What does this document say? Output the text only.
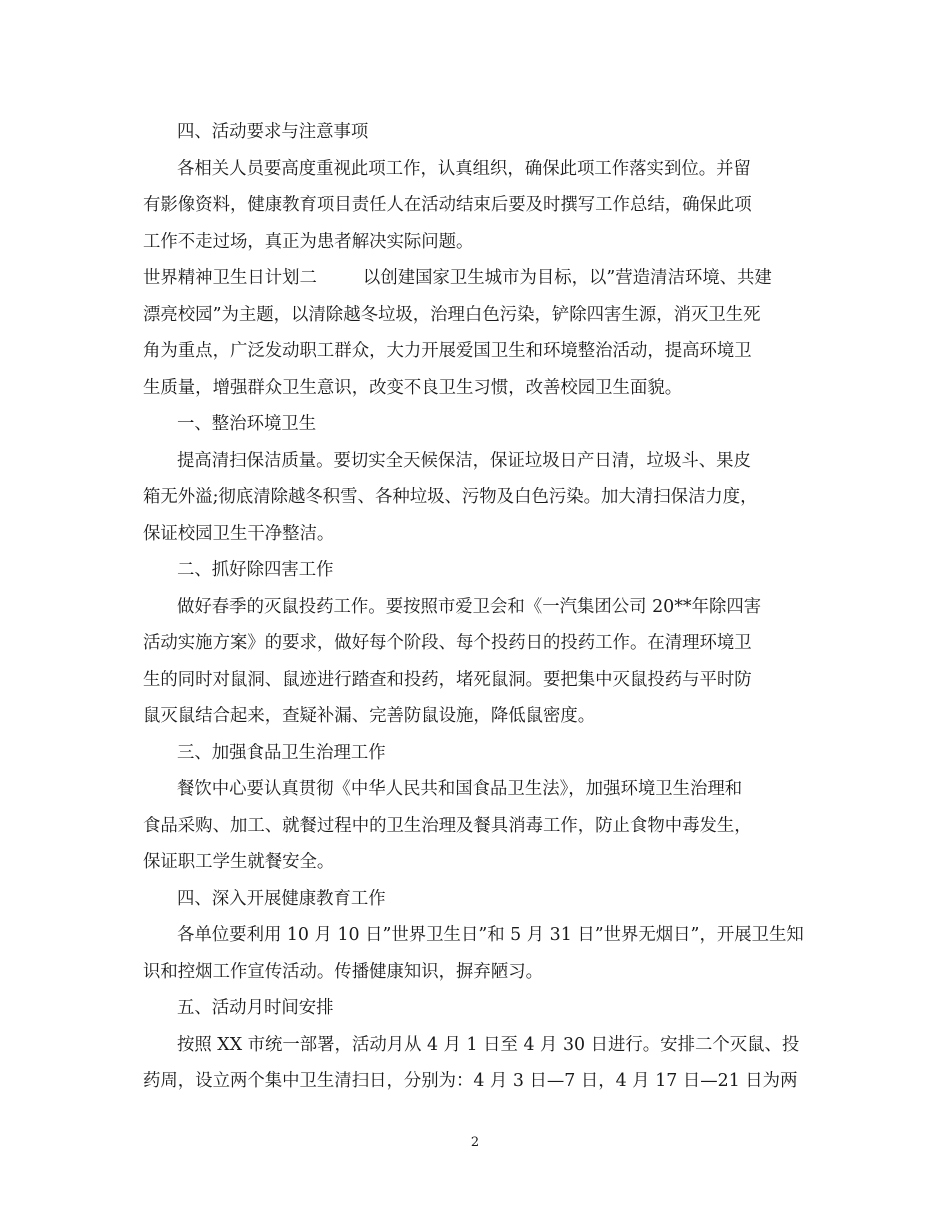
四、活动要求与注意事项

各相关人员要高度重视此项工作，认真组织，确保此项工作落实到位。并留

有影像资料，健康教育项目责任人在活动结束后要及时撰写工作总结，确保此项

工作不走过场，真正为患者解决实际问题。

世界精神卫生日计划二	以创建国家卫生城市为目标，以”营造清洁环境、共建

漂亮校园”为主题，以清除越冬垃圾，治理白色污染，铲除四害生源，消灭卫生死

角为重点，广泛发动职工群众，大力开展爱国卫生和环境整治活动，提高环境卫

生质量，增强群众卫生意识，改变不良卫生习惯，改善校园卫生面貌。

一、整治环境卫生

提高清扫保洁质量。要切实全天候保洁，保证垃圾日产日清，垃圾斗、果皮

箱无外溢;彻底清除越冬积雪、各种垃圾、污物及白色污染。加大清扫保洁力度，

保证校园卫生干净整洁。

二、抓好除四害工作

做好春季的灭鼠投药工作。要按照市爱卫会和《一汽集团公司 20**年除四害

活动实施方案》的要求，做好每个阶段、每个投药日的投药工作。在清理环境卫

生的同时对鼠洞、鼠迹进行踏查和投药，堵死鼠洞。要把集中灭鼠投药与平时防

鼠灭鼠结合起来，查疑补漏、完善防鼠设施，降低鼠密度。

三、加强食品卫生治理工作

餐饮中心要认真贯彻《中华人民共和国食品卫生法》，加强环境卫生治理和

食品采购、加工、就餐过程中的卫生治理及餐具消毒工作，防止食物中毒发生，

保证职工学生就餐安全。

四、深入开展健康教育工作

各单位要利用 10 月 10 日”世界卫生日”和 5 月 31 日”世界无烟日”，开展卫生知

识和控烟工作宣传活动。传播健康知识，摒弃陋习。

五、活动月时间安排

按照 XX 市统一部署，活动月从 4 月 1 日至 4 月 30 日进行。安排二个灭鼠、投

药周，设立两个集中卫生清扫日，分别为：4 月 3 日—7 日，4 月 17 日—21 日为两

2
